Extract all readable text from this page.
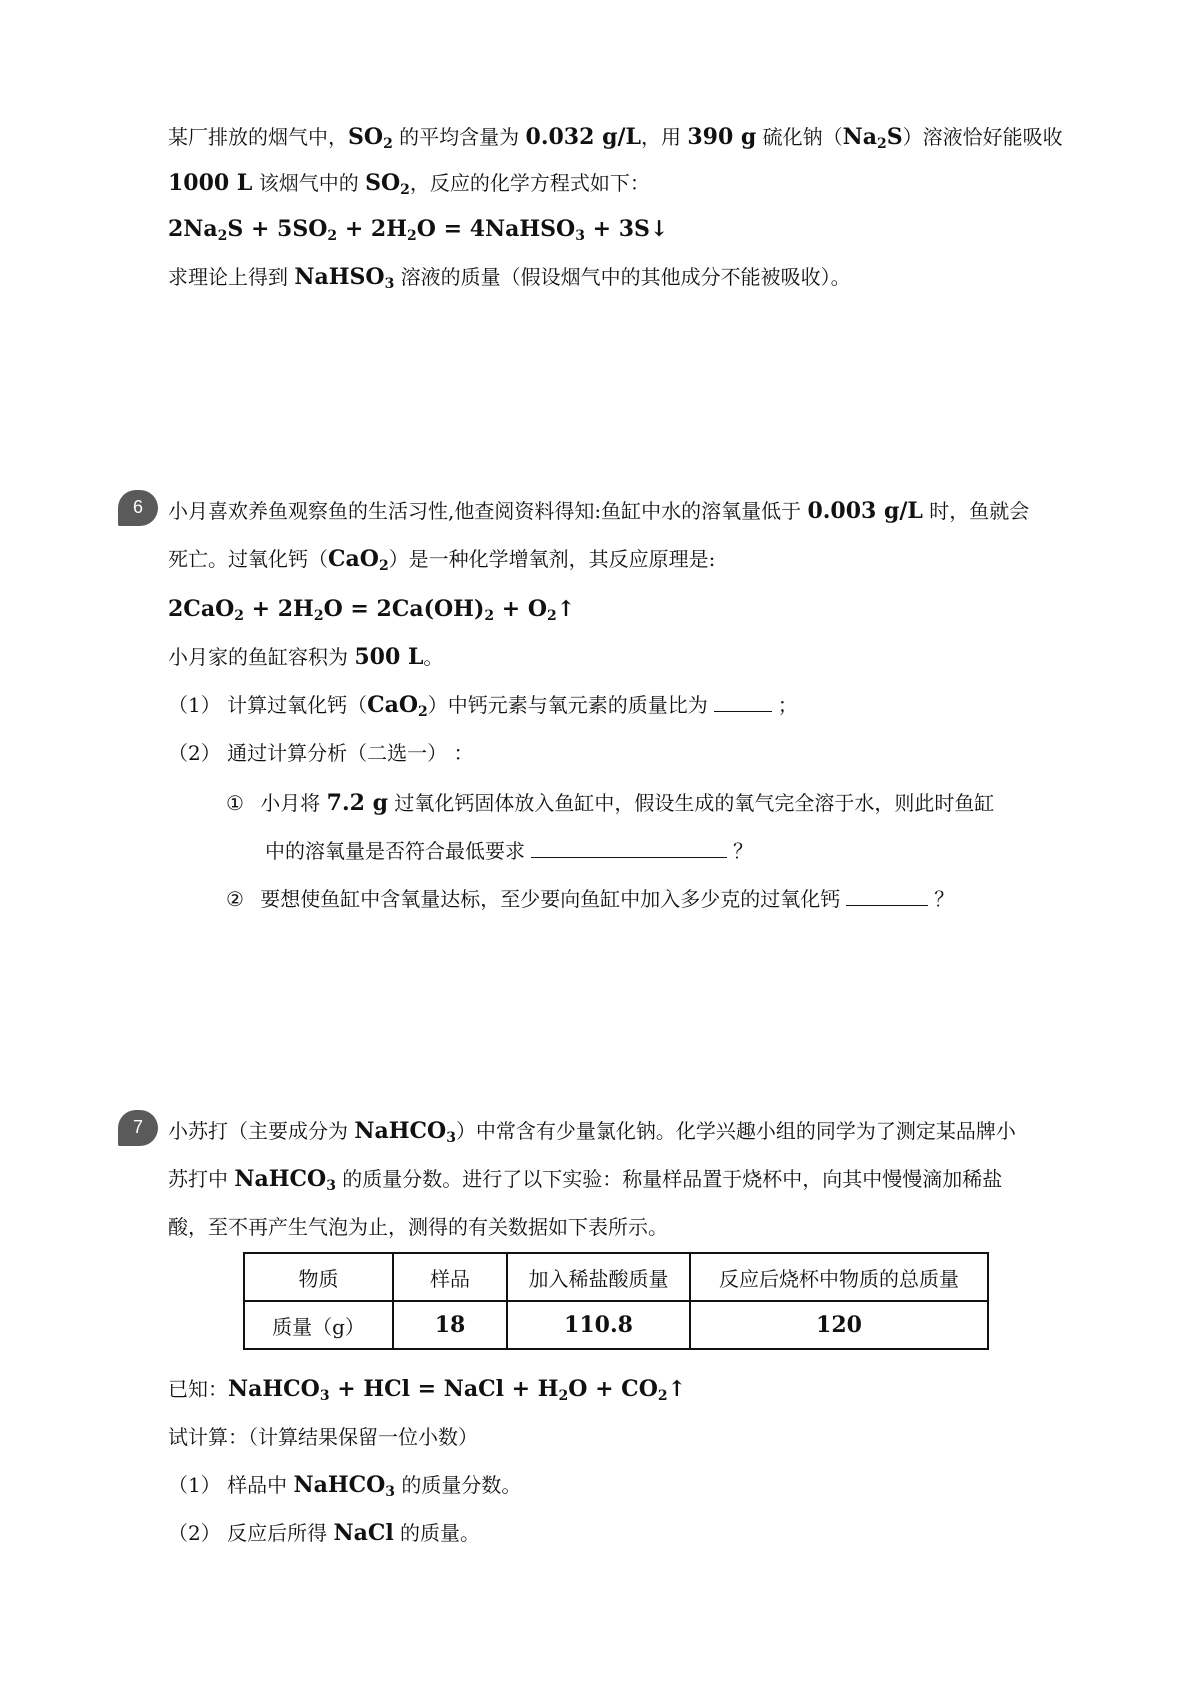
某厂排放的烟气中，$SO_2$ 的平均含量为 0.032 g/L，用 390 g 硫化钠$(Na_2S)$溶液恰好能吸收
1000 L 该烟气中的 $SO_2$，反应的化学方程式如下：
$2Na_2S + 5SO_2 + 2H_2O$ = 4NaHSO$_3$ + 3S↓
求理论上得到 NaHSO$_3$ 溶液的质量（假设烟气中的其他成分不能被吸收）。
6	小月喜欢养鱼观察鱼的生活习性,他查阅资料得知:鱼缸中水的溶氧量低于 0.003 g/L 时，鱼就会
死亡。过氧化钙（CaO$_2$）是一种化学增氧剂，其反应原理是:
$2CaO_2 + 2H_2O = 2Ca(OH)_2$ + $O_2↑$
小月家的鱼缸容积为 500 L。
（1） 计算过氧化钙（CaO$_2$）中钙元素与氧元素的质量比为	；
（2） 通过计算分析（二选一） ：
① 小月将 7.2 g 过氧化钙固体放入鱼缸中，假设生成的氧气完全溶于水，则此时鱼缸
中的溶氧量是否符合最低要求	？
② 要想使鱼缸中含氧量达标，至少要向鱼缸中加入多少克的过氧化钙	？
7	小苏打（主要成分为 NaHCO$_3$）中常含有少量氯化钠。化学兴趣小组的同学为了测定某品牌小
苏打中 NaHCO$_3$ 的质量分数。进行了以下实验：称量样品置于烧杯中，向其中慢慢滴加稀盐
酸，至不再产生气泡为止，测得的有关数据如下表所示。
物质	样品	加入稀盐酸质量	反应后烧杯中物质的总质量
质量（g）	18	110.8	120
已知：NaHCO$_3$ + HCl = NaCl + $H_2O$ + $CO_2↑$
试计算：（计算结果保留一位小数）
（1） 样品中 NaHCO$_3$ 的质量分数。
（2） 反应后所得 NaCl 的质量。
